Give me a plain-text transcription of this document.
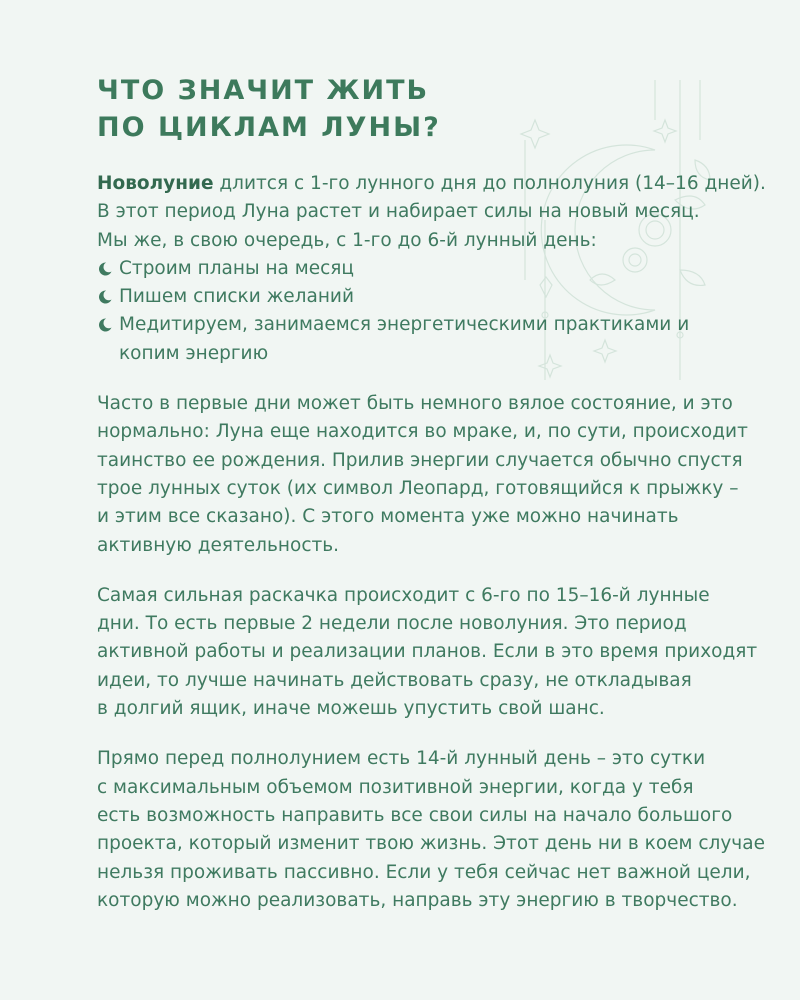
ЧТО ЗНАЧИТ ЖИТЬ
ПО ЦИКЛАМ ЛУНЫ?

Новолуние длится с 1-го лунного дня до полнолуния (14–16 дней).
В этот период Луна растет и набирает силы на новый месяц.
Мы же, в свою очередь, с 1-го до 6-й лунный день:

Строим планы на месяц
Пишем списки желаний
Медитируем, занимаемся энергетическими практиками и копим энергию

Часто в первые дни может быть немного вялое состояние, и это
нормально: Луна еще находится во мраке, и, по сути, происходит
таинство ее рождения. Прилив энергии случается обычно спустя
трое лунных суток (их символ Леопард, готовящийся к прыжку –
и этим все сказано). С этого момента уже можно начинать
активную деятельность.

Самая сильная раскачка происходит с 6-го по 15–16-й лунные
дни. То есть первые 2 недели после новолуния. Это период
активной работы и реализации планов. Если в это время приходят
идеи, то лучше начинать действовать сразу, не откладывая
в долгий ящик, иначе можешь упустить свой шанс.

Прямо перед полнолунием есть 14-й лунный день – это сутки
с максимальным объемом позитивной энергии, когда у тебя
есть возможность направить все свои силы на начало большого
проекта, который изменит твою жизнь. Этот день ни в коем случае
нельзя проживать пассивно. Если у тебя сейчас нет важной цели,
которую можно реализовать, направь эту энергию в творчество.
